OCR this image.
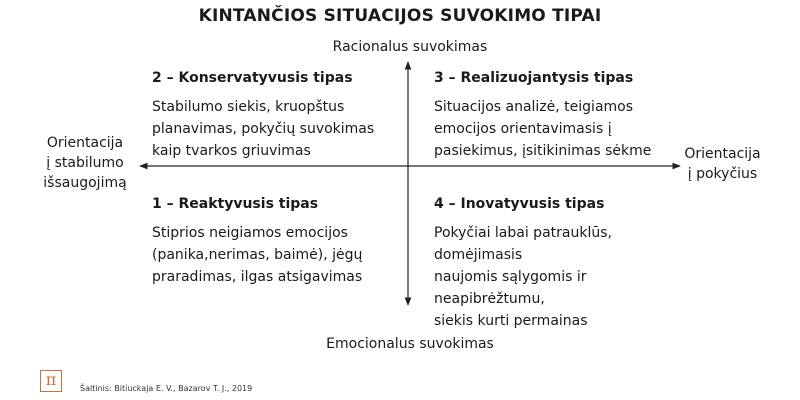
KINTANČIOS SITUACIJOS SUVOKIMO TIPAI
Racionalus suvokimas
Emocionalus suvokimas
Orientacija
į stabilumo
išsaugojimą
Orientacija
į pokyčius
2 – Konservatyvusis tipas
Stabilumo siekis, kruopštus
planavimas, pokyčių suvokimas
kaip tvarkos griuvimas
3 – Realizuojantysis tipas
Situacijos analizė, teigiamos
emocijos orientavimasis į
pasiekimus, įsitikinimas sėkme
1 – Reaktyvusis tipas
Stiprios neigiamos emocijos
(panika,nerimas, baimė), jėgų
praradimas, ilgas atsigavimas
4 – Inovatyvusis tipas
Pokyčiai labai patrauklūs, domėjimasis
naujomis sąlygomis ir neapibrėžtumu,
siekis kurti permainas
π	Šaltinis: Bitiuckaja E. V., Bazarov T. J., 2019
